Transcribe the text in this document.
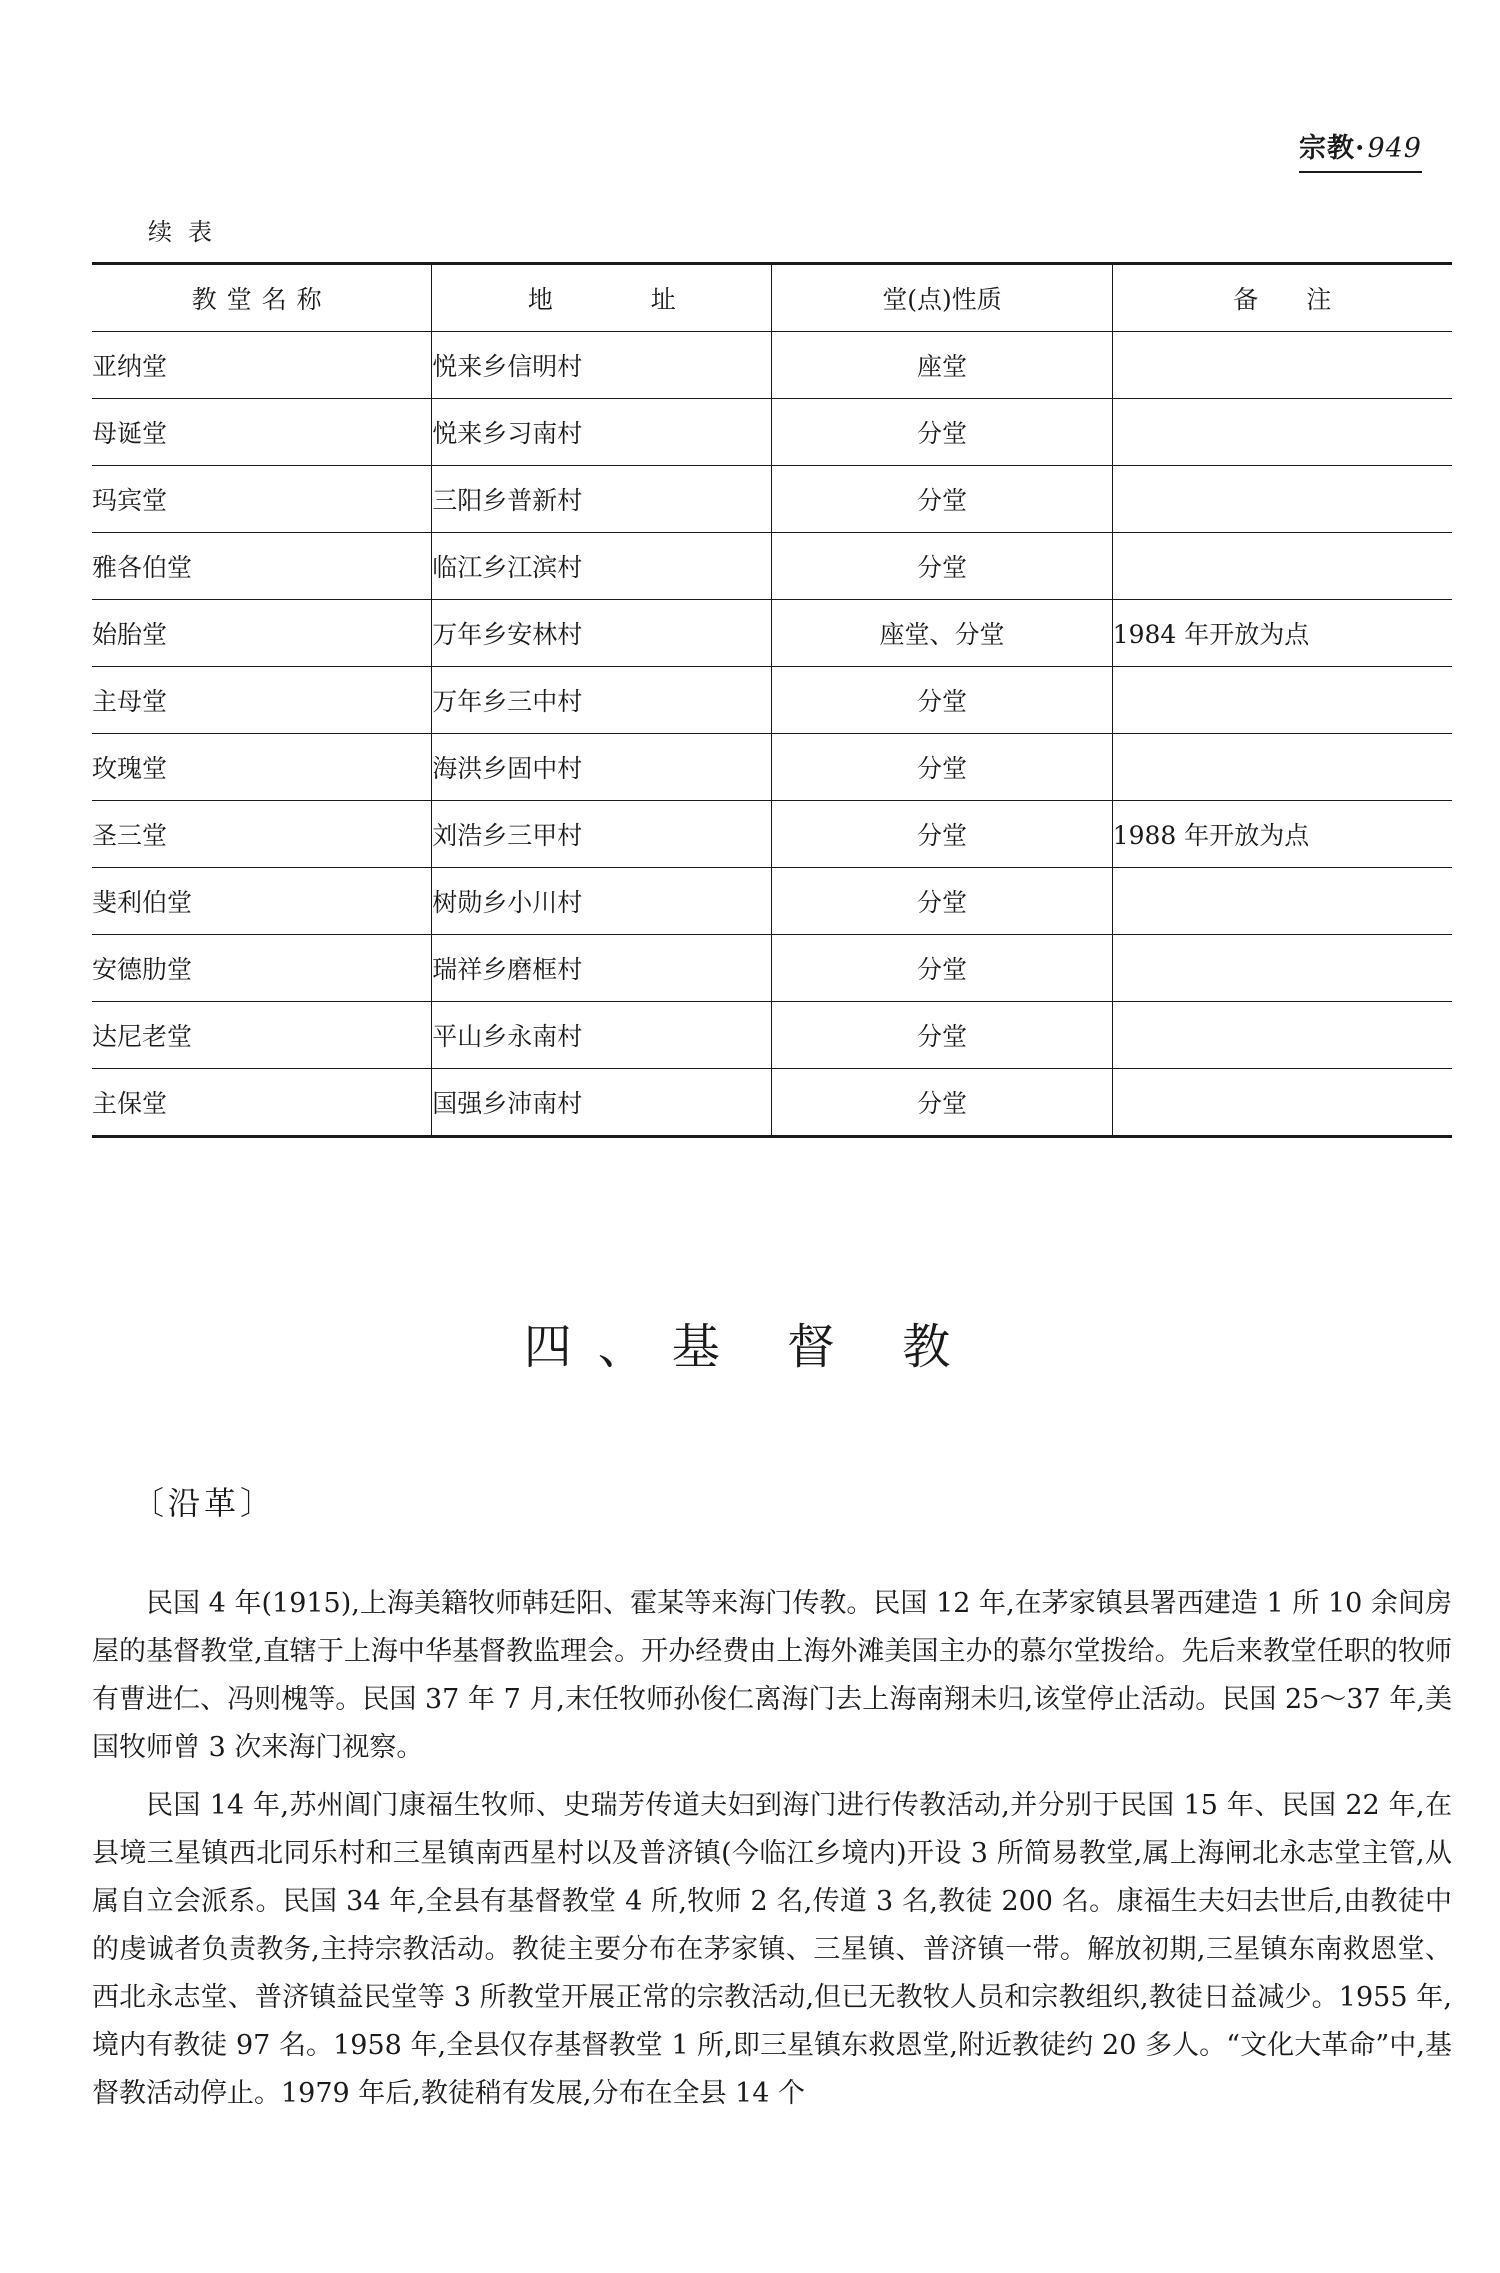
宗教·949
续表
教堂名称	地 址	堂(点)性质	备 注
亚纳堂	悦来乡信明村	座堂	
母诞堂	悦来乡习南村	分堂	
玛宾堂	三阳乡普新村	分堂	
雅各伯堂	临江乡江滨村	分堂	
始胎堂	万年乡安林村	座堂、分堂	1984 年开放为点
主母堂	万年乡三中村	分堂	
玫瑰堂	海洪乡固中村	分堂	
圣三堂	刘浩乡三甲村	分堂	1988 年开放为点
斐利伯堂	树勋乡小川村	分堂	
安德肋堂	瑞祥乡磨框村	分堂	
达尼老堂	平山乡永南村	分堂	
主保堂	国强乡沛南村	分堂	
四、基 督 教
〔沿革〕

民国 4 年(1915),上海美籍牧师韩廷阳、霍某等来海门传教。民国 12 年,在茅家镇县署西建造 1 所 10 余间房屋的基督教堂,直辖于上海中华基督教监理会。开办经费由上海外滩美国主办的慕尔堂拨给。先后来教堂任职的牧师有曹进仁、冯则槐等。民国 37 年 7 月,末任牧师孙俊仁离海门去上海南翔未归,该堂停止活动。民国 25～37 年,美国牧师曾 3 次来海门视察。

民国 14 年,苏州阊门康福生牧师、史瑞芳传道夫妇到海门进行传教活动,并分别于民国 15 年、民国 22 年,在县境三星镇西北同乐村和三星镇南西星村以及普济镇(今临江乡境内)开设 3 所简易教堂,属上海闸北永志堂主管,从属自立会派系。民国 34 年,全县有基督教堂 4 所,牧师 2 名,传道 3 名,教徒 200 名。康福生夫妇去世后,由教徒中的虔诚者负责教务,主持宗教活动。教徒主要分布在茅家镇、三星镇、普济镇一带。解放初期,三星镇东南救恩堂、西北永志堂、普济镇益民堂等 3 所教堂开展正常的宗教活动,但已无教牧人员和宗教组织,教徒日益减少。1955 年,境内有教徒 97 名。1958 年,全县仅存基督教堂 1 所,即三星镇东救恩堂,附近教徒约 20 多人。“文化大革命”中,基督教活动停止。1979 年后,教徒稍有发展,分布在全县 14 个
